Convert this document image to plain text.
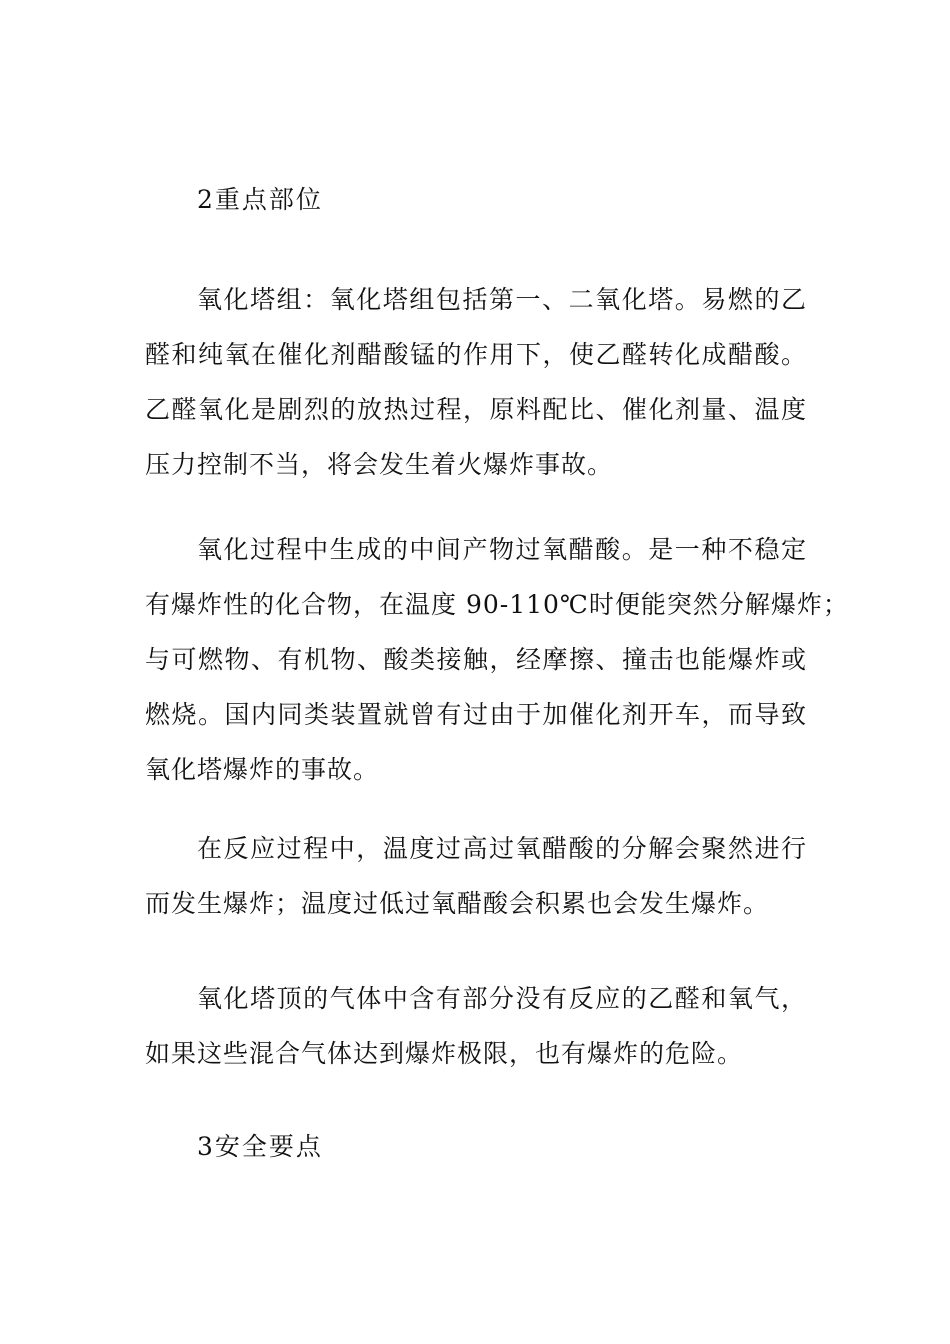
2重点部位
氧化塔组：氧化塔组包括第一、二氧化塔。易燃的乙
醛和纯氧在催化剂醋酸锰的作用下，使乙醛转化成醋酸。
乙醛氧化是剧烈的放热过程，原料配比、催化剂量、温度
压力控制不当，将会发生着火爆炸事故。
氧化过程中生成的中间产物过氧醋酸。是一种不稳定
有爆炸性的化合物，在温度 90-110℃时便能突然分解爆炸；
与可燃物、有机物、酸类接触，经摩擦、撞击也能爆炸或
燃烧。国内同类装置就曾有过由于加催化剂开车，而导致
氧化塔爆炸的事故。
在反应过程中，温度过高过氧醋酸的分解会聚然进行
而发生爆炸；温度过低过氧醋酸会积累也会发生爆炸。
氧化塔顶的气体中含有部分没有反应的乙醛和氧气，
如果这些混合气体达到爆炸极限，也有爆炸的危险。
3安全要点
